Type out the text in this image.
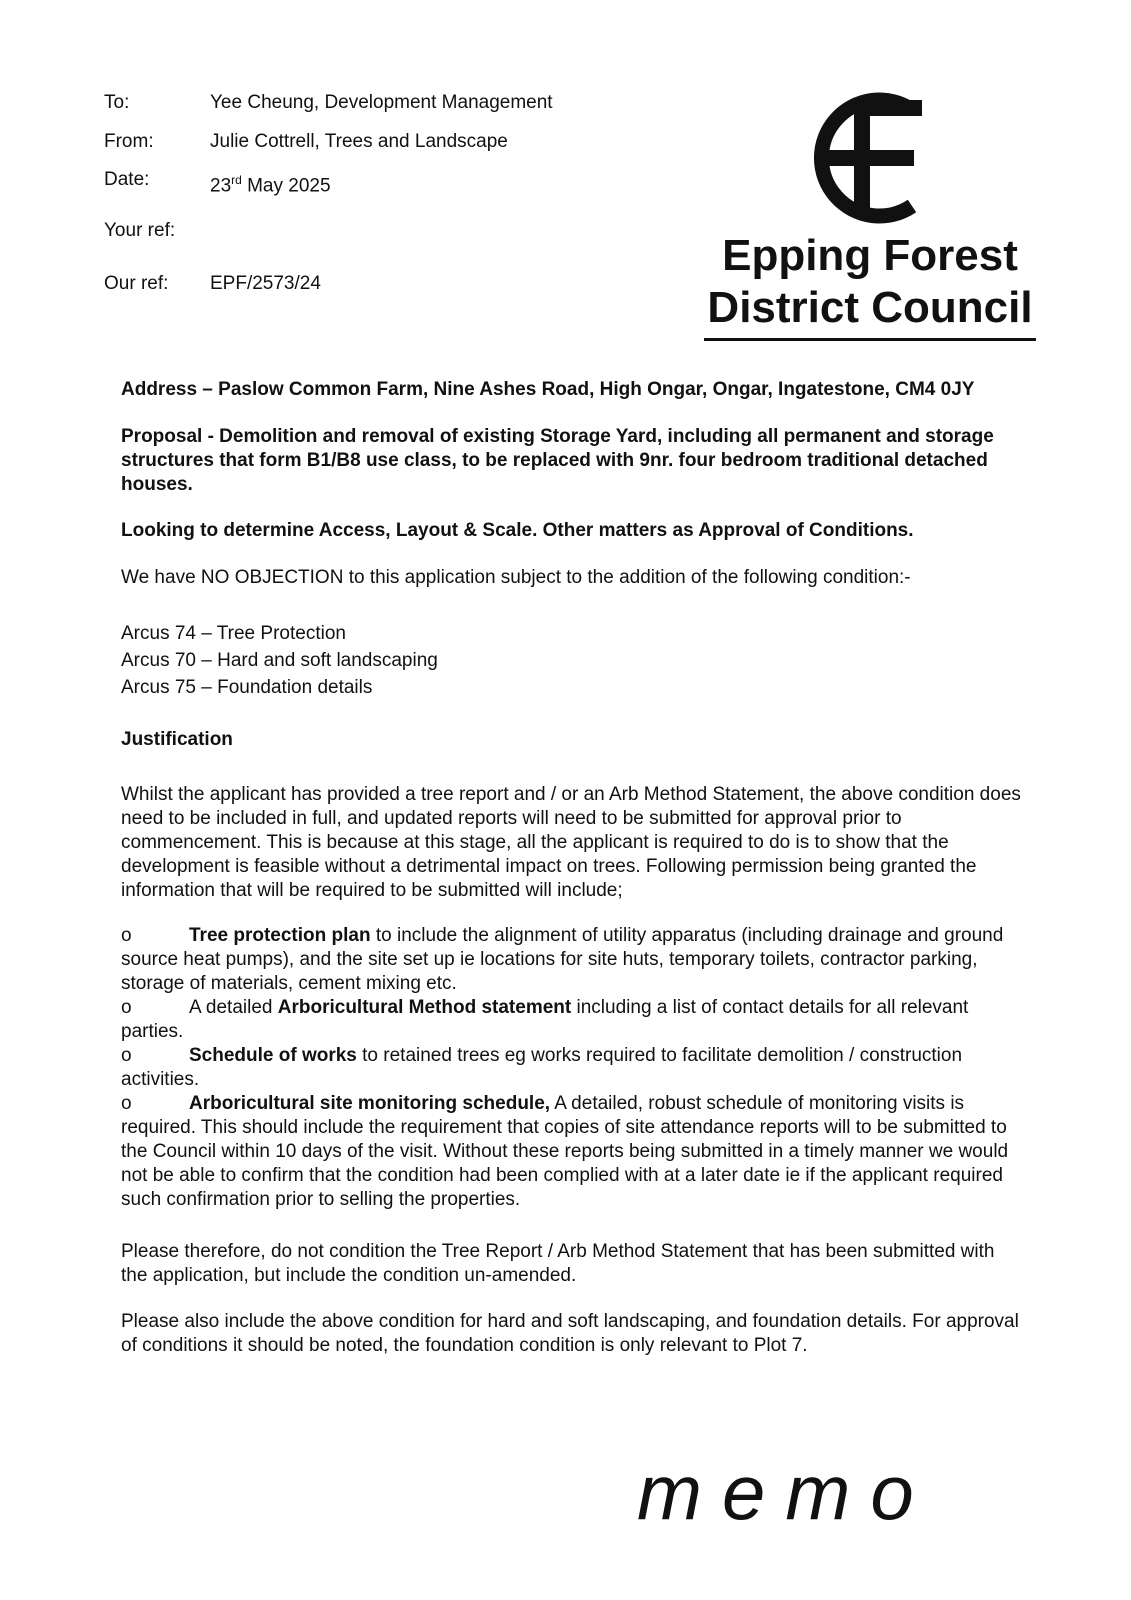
To:	Yee Cheung, Development Management
From:	Julie Cottrell, Trees and Landscape
Date:	23rd May 2025
Your ref:
Our ref: EPF/2573/24
Epping Forest
District Council
Address – Paslow Common Farm, Nine Ashes Road, High Ongar, Ongar, Ingatestone, CM4 0JY
Proposal - Demolition and removal of existing Storage Yard, including all permanent and storage structures that form B1/B8 use class, to be replaced with 9nr. four bedroom traditional detached houses.
Looking to determine Access, Layout & Scale. Other matters as Approval of Conditions.
We have NO OBJECTION to this application subject to the addition of the following condition:-
Arcus 74 – Tree Protection
Arcus 70 – Hard and soft landscaping
Arcus 75 – Foundation details
Justification
Whilst the applicant has provided a tree report and / or an Arb Method Statement, the above condition does need to be included in full, and updated reports will need to be submitted for approval prior to commencement. This is because at this stage, all the applicant is required to do is to show that the development is feasible without a detrimental impact on trees. Following permission being granted the information that will be required to be submitted will include;
o	Tree protection plan to include the alignment of utility apparatus (including drainage and ground source heat pumps), and the site set up ie locations for site huts, temporary toilets, contractor parking, storage of materials, cement mixing etc.
o	A detailed Arboricultural Method statement including a list of contact details for all relevant parties.
o	Schedule of works to retained trees eg works required to facilitate demolition / construction activities.
o	Arboricultural site monitoring schedule, A detailed, robust schedule of monitoring visits is required. This should include the requirement that copies of site attendance reports will to be submitted to the Council within 10 days of the visit. Without these reports being submitted in a timely manner we would not be able to confirm that the condition had been complied with at a later date ie if the applicant required such confirmation prior to selling the properties.
Please therefore, do not condition the Tree Report / Arb Method Statement that has been submitted with the application, but include the condition un-amended.
Please also include the above condition for hard and soft landscaping, and foundation details. For approval of conditions it should be noted, the foundation condition is only relevant to Plot 7.
memo
